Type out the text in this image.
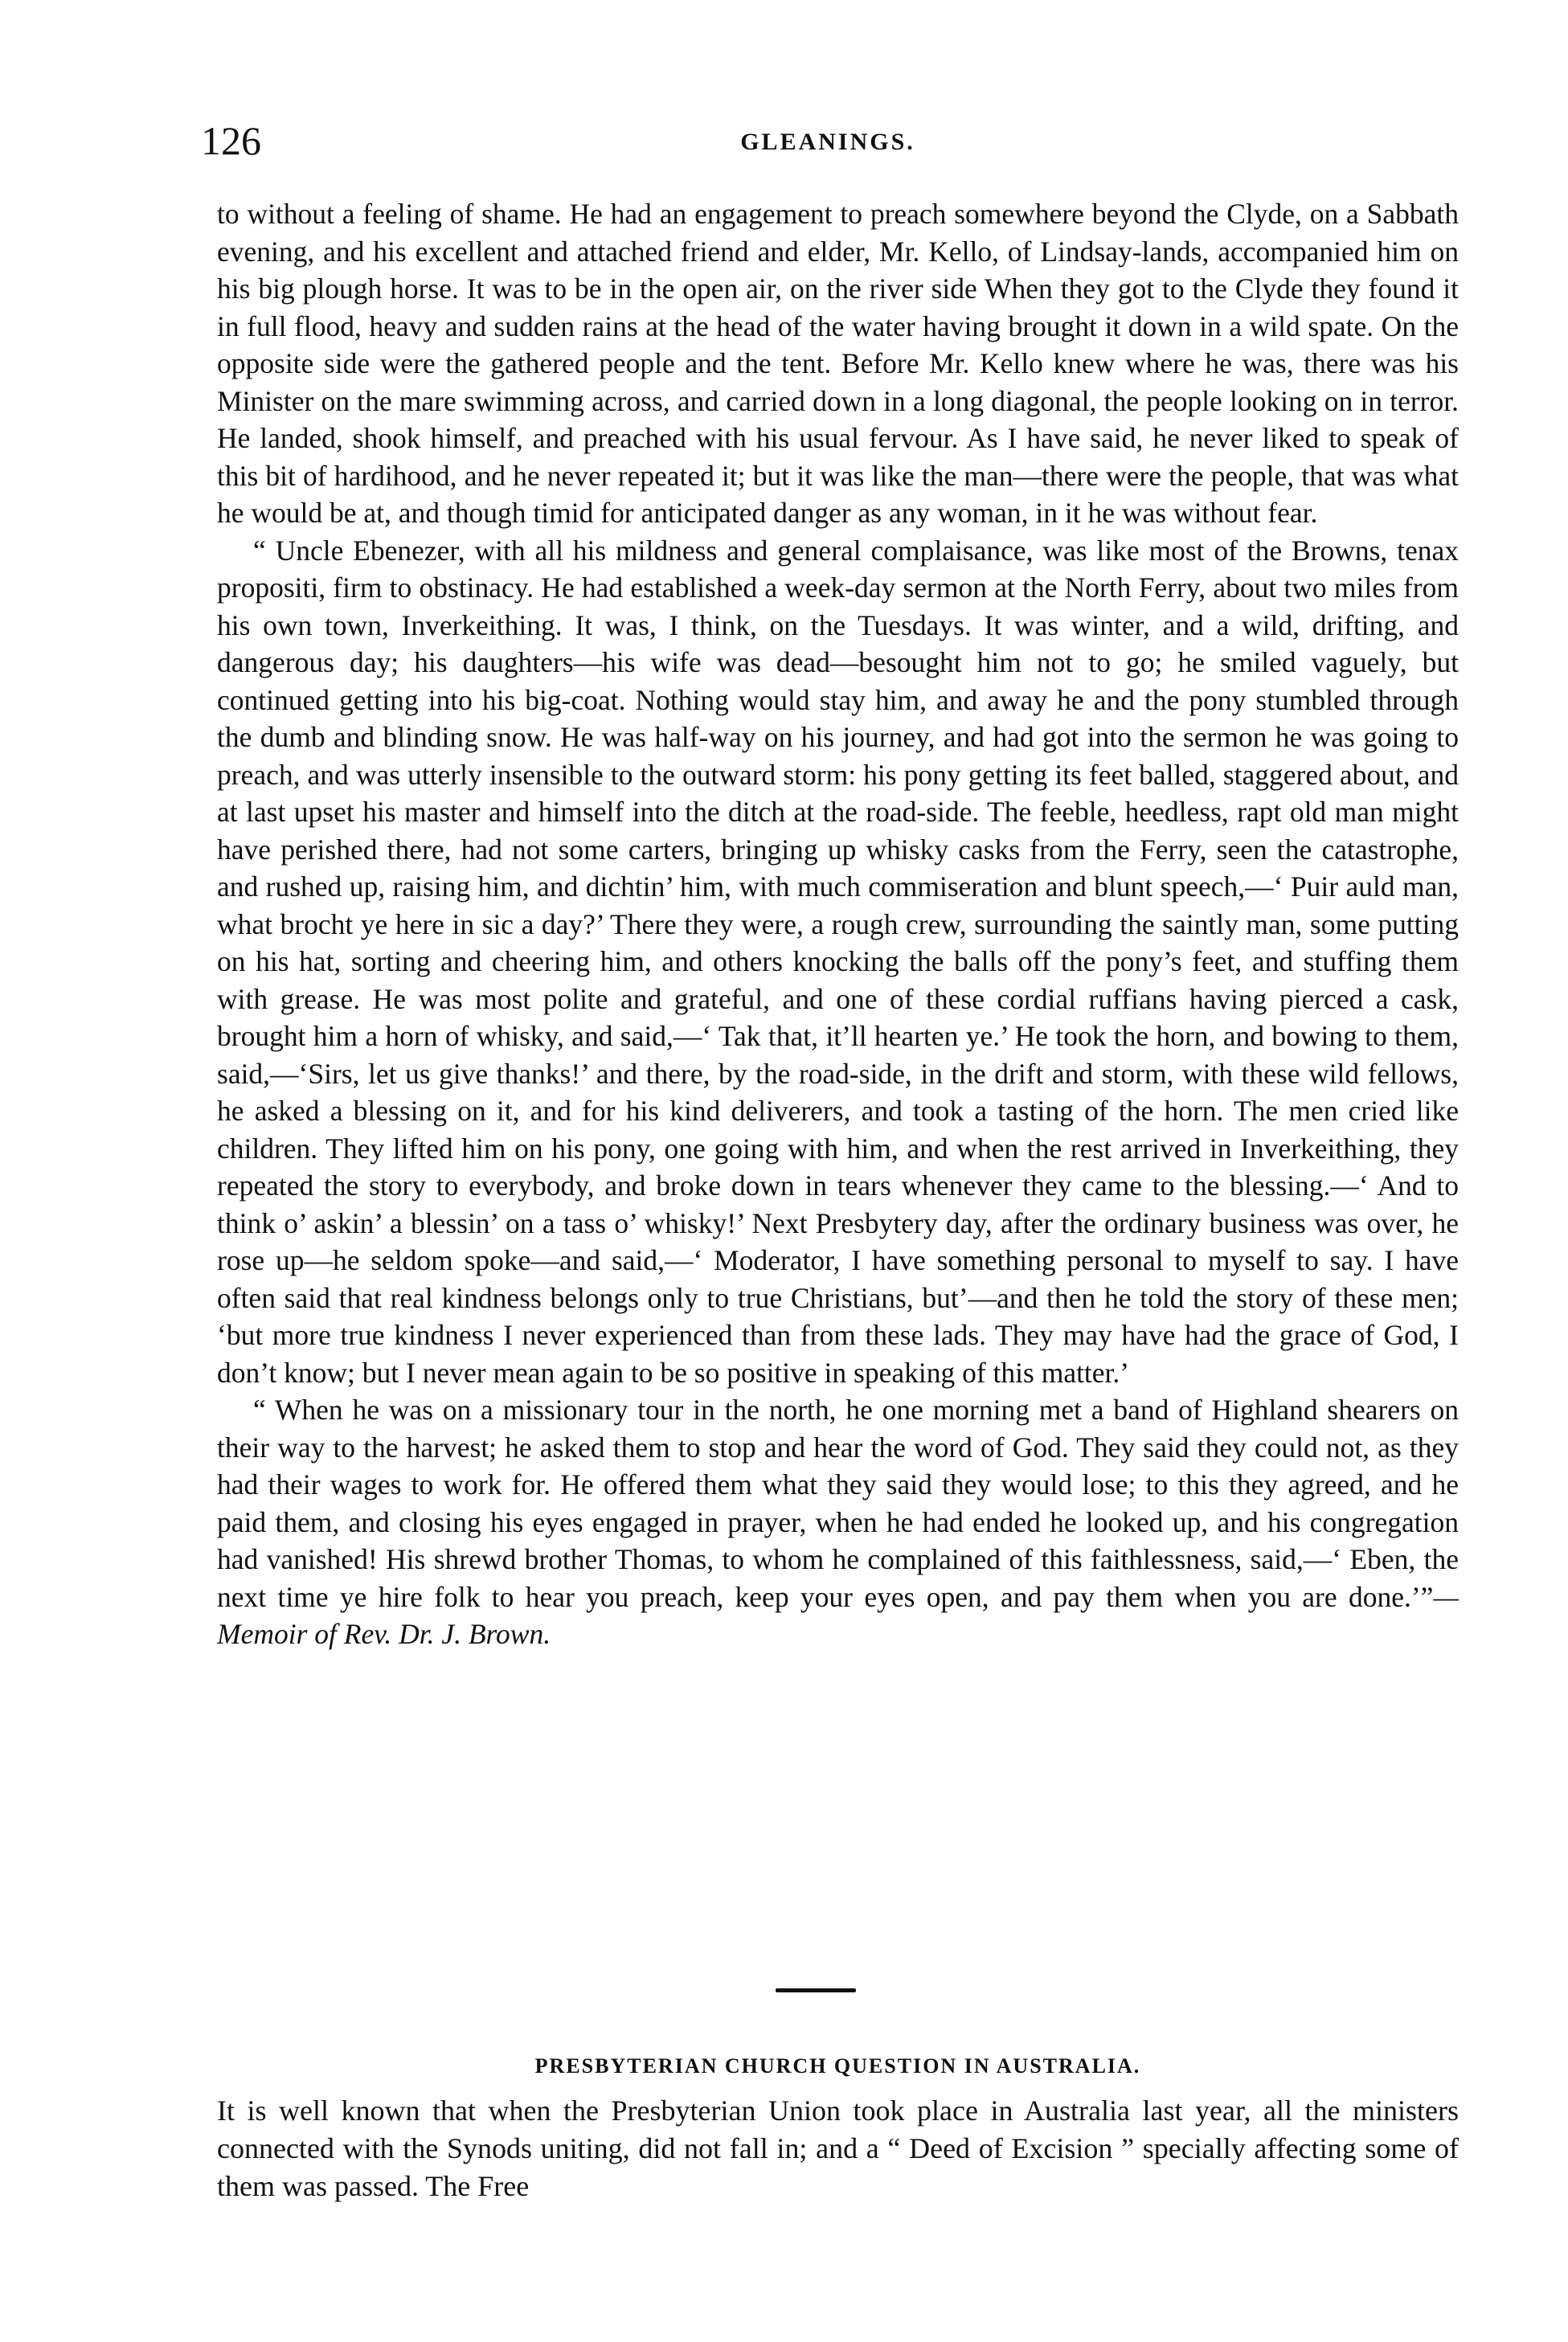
126	GLEANINGS.

to without a feeling of shame. He had an engagement to preach somewhere beyond the Clyde, on a Sabbath evening, and his excellent and attached friend and elder, Mr. Kello, of Lindsay-lands, accompanied him on his big plough horse. It was to be in the open air, on the river side When they got to the Clyde they found it in full flood, heavy and sudden rains at the head of the water having brought it down in a wild spate. On the opposite side were the gathered people and the tent. Before Mr. Kello knew where he was, there was his Minister on the mare swimming across, and carried down in a long diagonal, the people looking on in terror. He landed, shook himself, and preached with his usual fervour. As I have said, he never liked to speak of this bit of hardihood, and he never repeated it; but it was like the man—there were the people, that was what he would be at, and though timid for anticipated danger as any woman, in it he was without fear.

“ Uncle Ebenezer, with all his mildness and general complaisance, was like most of the Browns, tenax propositi, firm to obstinacy. He had established a week-day sermon at the North Ferry, about two miles from his own town, Inverkeithing. It was, I think, on the Tuesdays. It was winter, and a wild, drifting, and dangerous day; his daughters—his wife was dead—besought him not to go; he smiled vaguely, but continued getting into his big-coat. Nothing would stay him, and away he and the pony stumbled through the dumb and blinding snow. He was half-way on his journey, and had got into the sermon he was going to preach, and was utterly insensible to the outward storm: his pony getting its feet balled, staggered about, and at last upset his master and himself into the ditch at the road-side. The feeble, heedless, rapt old man might have perished there, had not some carters, bringing up whisky casks from the Ferry, seen the catastrophe, and rushed up, raising him, and dichtin’ him, with much commiseration and blunt speech,—‘ Puir auld man, what brocht ye here in sic a day?’ There they were, a rough crew, surrounding the saintly man, some putting on his hat, sorting and cheering him, and others knocking the balls off the pony’s feet, and stuffing them with grease. He was most polite and grateful, and one of these cordial ruffians having pierced a cask, brought him a horn of whisky, and said,—‘ Tak that, it’ll hearten ye.’ He took the horn, and bowing to them, said,—‘Sirs, let us give thanks!’ and there, by the road-side, in the drift and storm, with these wild fellows, he asked a blessing on it, and for his kind deliverers, and took a tasting of the horn. The men cried like children. They lifted him on his pony, one going with him, and when the rest arrived in Inverkeithing, they repeated the story to everybody, and broke down in tears whenever they came to the blessing.—‘ And to think o’ askin’ a blessin’ on a tass o’ whisky!’ Next Presbytery day, after the ordinary business was over, he rose up—he seldom spoke—and said,—‘ Moderator, I have something personal to myself to say. I have often said that real kindness belongs only to true Christians, but’—and then he told the story of these men; ‘but more true kindness I never experienced than from these lads. They may have had the grace of God, I don’t know; but I never mean again to be so positive in speaking of this matter.’

“ When he was on a missionary tour in the north, he one morning met a band of Highland shearers on their way to the harvest; he asked them to stop and hear the word of God. They said they could not, as they had their wages to work for. He offered them what they said they would lose; to this they agreed, and he paid them, and closing his eyes engaged in prayer, when he had ended he looked up, and his congregation had vanished! His shrewd brother Thomas, to whom he complained of this faithlessness, said,—‘ Eben, the next time ye hire folk to hear you preach, keep your eyes open, and pay them when you are done.’”—Memoir of Rev. Dr. J. Brown.

PRESBYTERIAN CHURCH QUESTION IN AUSTRALIA.

It is well known that when the Presbyterian Union took place in Australia last year, all the ministers connected with the Synods uniting, did not fall in; and a “ Deed of Excision ” specially affecting some of them was passed. The Free
